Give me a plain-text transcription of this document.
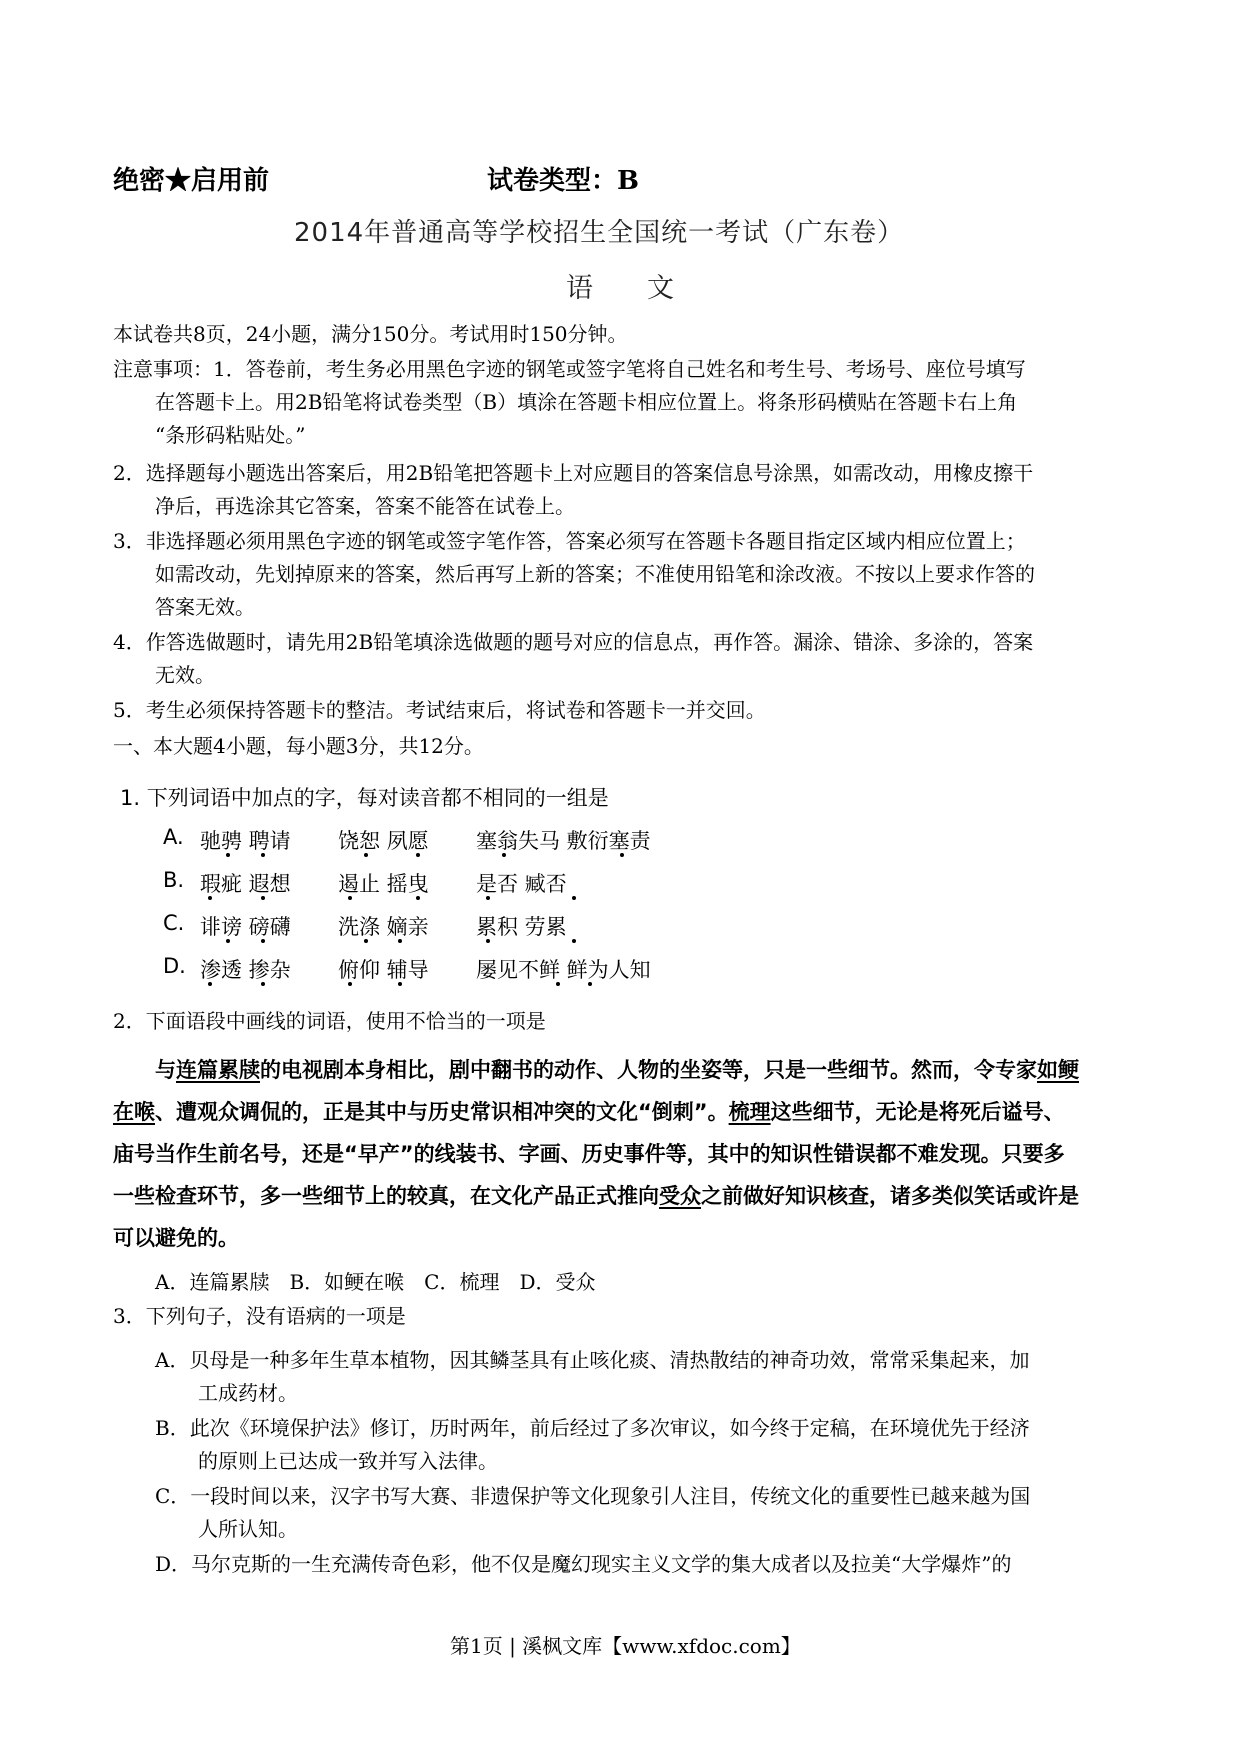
绝密★启用前	试卷类型：B
2014年普通高等学校招生全国统一考试（广东卷）
语　　文
本试卷共8页，24小题，满分150分。考试用时150分钟。
注意事项：1．答卷前，考生务必用黑色字迹的钢笔或签字笔将自己姓名和考生号、考场号、座位号填写
在答题卡上。用2B铅笔将试卷类型（B）填涂在答题卡相应位置上。将条形码横贴在答题卡右上角
“条形码粘贴处。”
2．选择题每小题选出答案后，用2B铅笔把答题卡上对应题目的答案信息号涂黑，如需改动，用橡皮擦干
净后，再选涂其它答案，答案不能答在试卷上。
3．非选择题必须用黑色字迹的钢笔或签字笔作答，答案必须写在答题卡各题目指定区域内相应位置上；
如需改动，先划掉原来的答案，然后再写上新的答案；不准使用铅笔和涂改液。不按以上要求作答的
答案无效。
4．作答选做题时，请先用2B铅笔填涂选做题的题号对应的信息点，再作答。漏涂、错涂、多涂的，答案
无效。
5．考生必须保持答题卡的整洁。考试结束后，将试卷和答题卡一并交回。
一、本大题4小题，每小题3分，共12分。
1. 下列词语中加点的字，每对读音都不相同的一组是
A. 驰骋 聘请 饶恕 夙愿 塞翁失马 敷衍塞责
B. 瑕疵 遐想 遏止 摇曳 是否 臧否
C. 诽谤 磅礴 洗涤 嫡亲 累积 劳累
D. 渗透 掺杂 俯仰 辅导 屡见不鲜 鲜为人知
2．下面语段中画线的词语，使用不恰当的一项是
与连篇累牍的电视剧本身相比，剧中翻书的动作、人物的坐姿等，只是一些细节。然而，令专家如鲠
在喉、遭观众调侃的，正是其中与历史常识相冲突的文化“倒刺”。梳理这些细节，无论是将死后谥号、
庙号当作生前名号，还是“早产”的线装书、字画、历史事件等，其中的知识性错误都不难发现。只要多
一些检查环节，多一些细节上的较真，在文化产品正式推向受众之前做好知识核查，诸多类似笑话或许是
可以避免的。
A．连篇累牍　B．如鲠在喉　C．梳理　D．受众
3．下列句子，没有语病的一项是
A．贝母是一种多年生草本植物，因其鳞茎具有止咳化痰、清热散结的神奇功效，常常采集起来，加
工成药材。
B．此次《环境保护法》修订，历时两年，前后经过了多次审议，如今终于定稿，在环境优先于经济
的原则上已达成一致并写入法律。
C．一段时间以来，汉字书写大赛、非遗保护等文化现象引人注目，传统文化的重要性已越来越为国
人所认知。
D．马尔克斯的一生充满传奇色彩，他不仅是魔幻现实主义文学的集大成者以及拉美“大学爆炸”的
第1页 | 溪枫文库【www.xfdoc.com】
